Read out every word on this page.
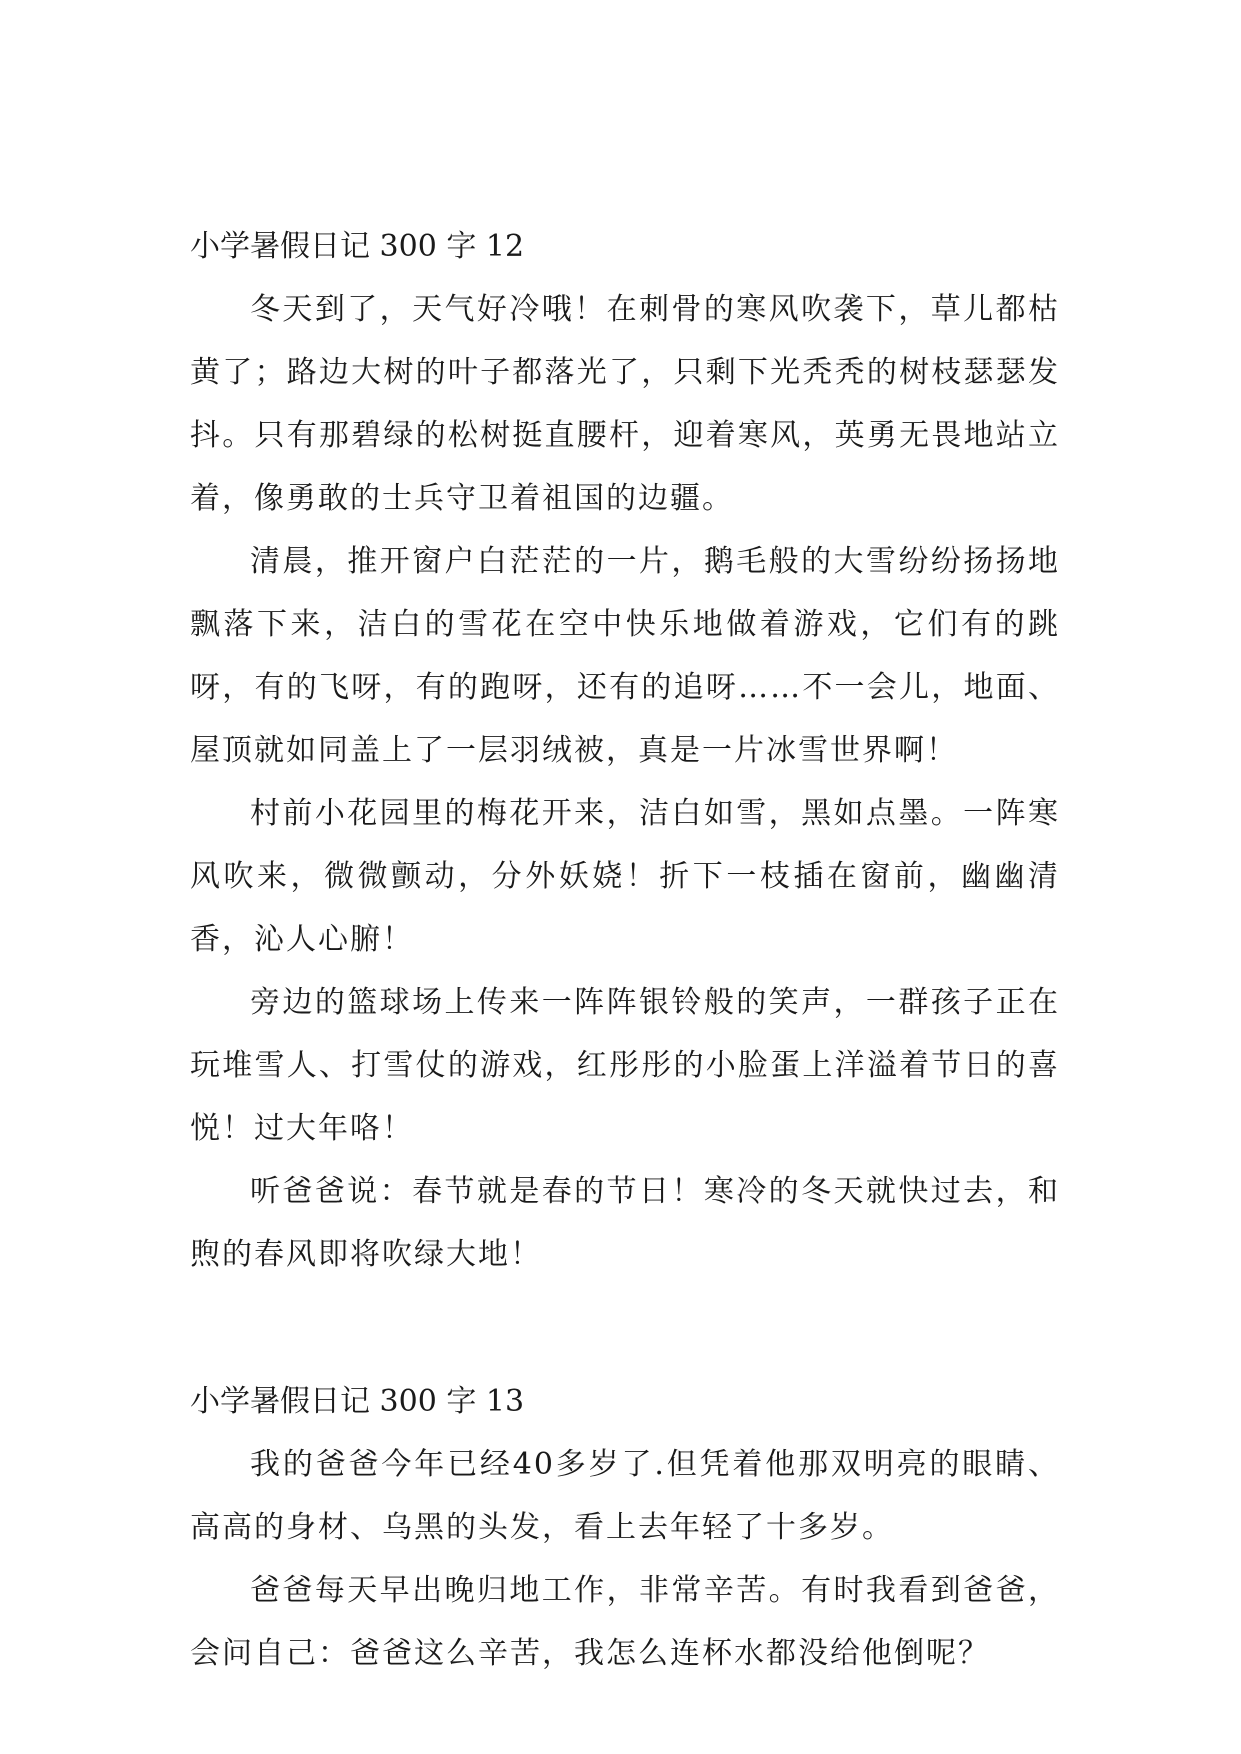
小学暑假日记 300 字 12

冬天到了，天气好冷哦！在刺骨的寒风吹袭下，草儿都枯黄了；路边大树的叶子都落光了，只剩下光秃秃的树枝瑟瑟发抖。只有那碧绿的松树挺直腰杆，迎着寒风，英勇无畏地站立着，像勇敢的士兵守卫着祖国的边疆。

清晨，推开窗户白茫茫的一片，鹅毛般的大雪纷纷扬扬地飘落下来，洁白的雪花在空中快乐地做着游戏，它们有的跳呀，有的飞呀，有的跑呀，还有的追呀……不一会儿，地面、屋顶就如同盖上了一层羽绒被，真是一片冰雪世界啊！

村前小花园里的梅花开来，洁白如雪，黑如点墨。一阵寒风吹来，微微颤动，分外妖娆！折下一枝插在窗前，幽幽清香，沁人心腑！

旁边的篮球场上传来一阵阵银铃般的笑声，一群孩子正在玩堆雪人、打雪仗的游戏，红彤彤的小脸蛋上洋溢着节日的喜悦！过大年咯！

听爸爸说：春节就是春的节日！寒冷的冬天就快过去，和煦的春风即将吹绿大地！

小学暑假日记 300 字 13

我的爸爸今年已经40多岁了.但凭着他那双明亮的眼睛、高高的身材、乌黑的头发，看上去年轻了十多岁。

爸爸每天早出晚归地工作，非常辛苦。有时我看到爸爸，会问自己：爸爸这么辛苦，我怎么连杯水都没给他倒呢？
